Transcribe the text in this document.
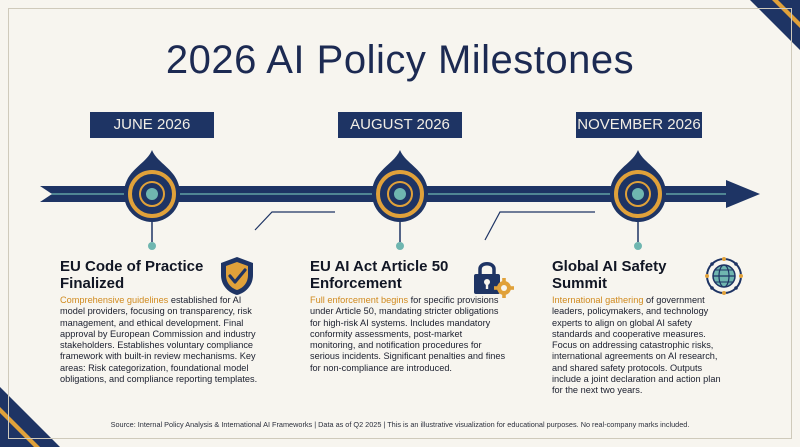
2026 AI Policy Milestones
JUNE 2026	AUGUST 2026	NOVEMBER 2026
EU Code of Practice
Finalized
Comprehensive guidelines established for AI model providers, focusing on transparency, risk management, and ethical development. Final approval by European Commission and industry stakeholders. Establishes voluntary compliance framework with built-in review mechanisms. Key areas: Risk categorization, foundational model obligations, and compliance reporting templates.
EU AI Act Article 50
Enforcement
Full enforcement begins for specific provisions under Article 50, mandating stricter obligations for high-risk AI systems. Includes mandatory conformity assessments, post-market monitoring, and notification procedures for serious incidents. Significant penalties and fines for non-compliance are introduced.
Global AI Safety
Summit
International gathering of government leaders, policymakers, and technology experts to align on global AI safety standards and cooperative measures. Focus on addressing catastrophic risks, international agreements on AI research, and shared safety protocols. Outputs include a joint declaration and action plan for the next two years.
Source: Internal Policy Analysis & International AI Frameworks | Data as of Q2 2025 | This is an illustrative visualization for educational purposes. No real-company marks included.
